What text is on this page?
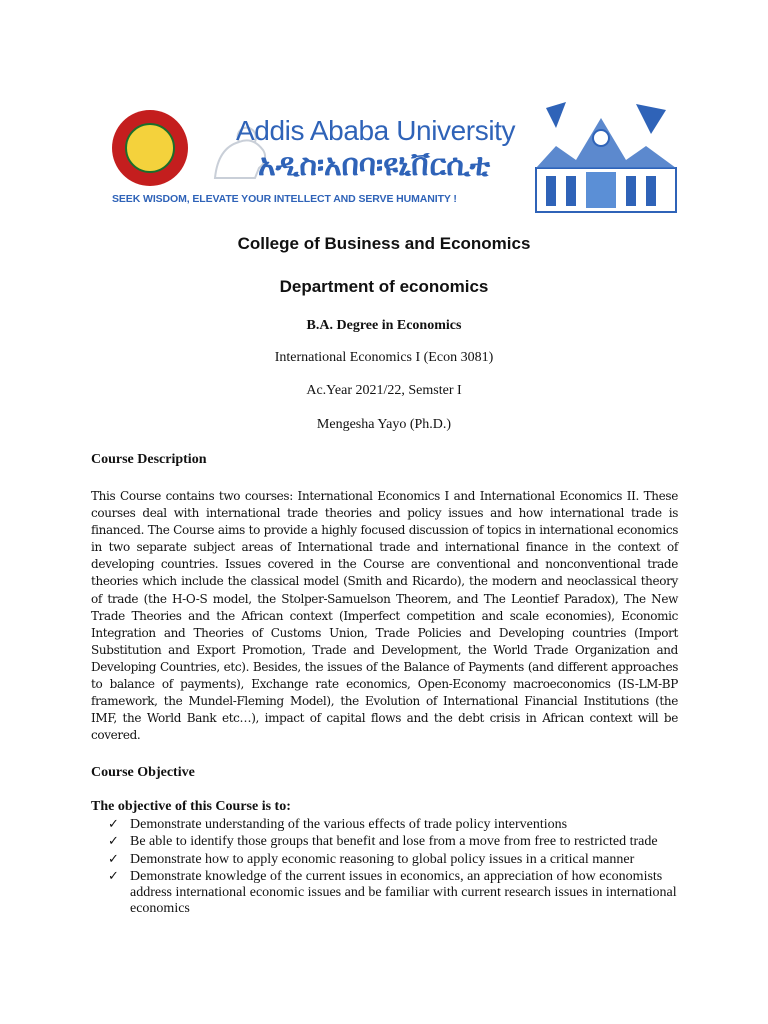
Addis Ababa University
አዲስ፡አበባ፡ዩኒቨርሲቲ
SEEK WISDOM, ELEVATE YOUR INTELLECT AND SERVE HUMANITY !
College of Business and Economics
Department of economics
B.A. Degree in Economics
International Economics I (Econ 3081)
Ac.Year 2021/22, Semster I
Mengesha Yayo (Ph.D.)
Course Description
This Course contains two courses: International Economics I and International Economics II. These courses deal with international trade theories and policy issues and how international trade is financed. The Course aims to provide a highly focused discussion of topics in international economics in two separate subject areas of International trade and international finance in the context of developing countries. Issues covered in the Course are conventional and nonconventional trade theories which include the classical model (Smith and Ricardo), the modern and neoclassical theory of trade (the H-O-S model, the Stolper-Samuelson Theorem, and The Leontief Paradox), The New Trade Theories and the African context (Imperfect competition and scale economies), Economic Integration and Theories of Customs Union, Trade Policies and Developing countries (Import Substitution and Export Promotion, Trade and Development, the World Trade Organization and Developing Countries, etc). Besides, the issues of the Balance of Payments (and different approaches to balance of payments), Exchange rate economics, Open-Economy macroeconomics (IS-LM-BP framework, the Mundel-Fleming Model), the Evolution of International Financial Institutions (the IMF, the World Bank etc…), impact of capital flows and the debt crisis in African context will be covered.
Course Objective
The objective of this Course is to:
✓ Demonstrate understanding of the various effects of trade policy interventions
✓ Be able to identify those groups that benefit and lose from a move from free to restricted trade
✓ Demonstrate how to apply economic reasoning to global policy issues in a critical manner
✓ Demonstrate knowledge of the current issues in economics, an appreciation of how economists address international economic issues and be familiar with current research issues in international economics
